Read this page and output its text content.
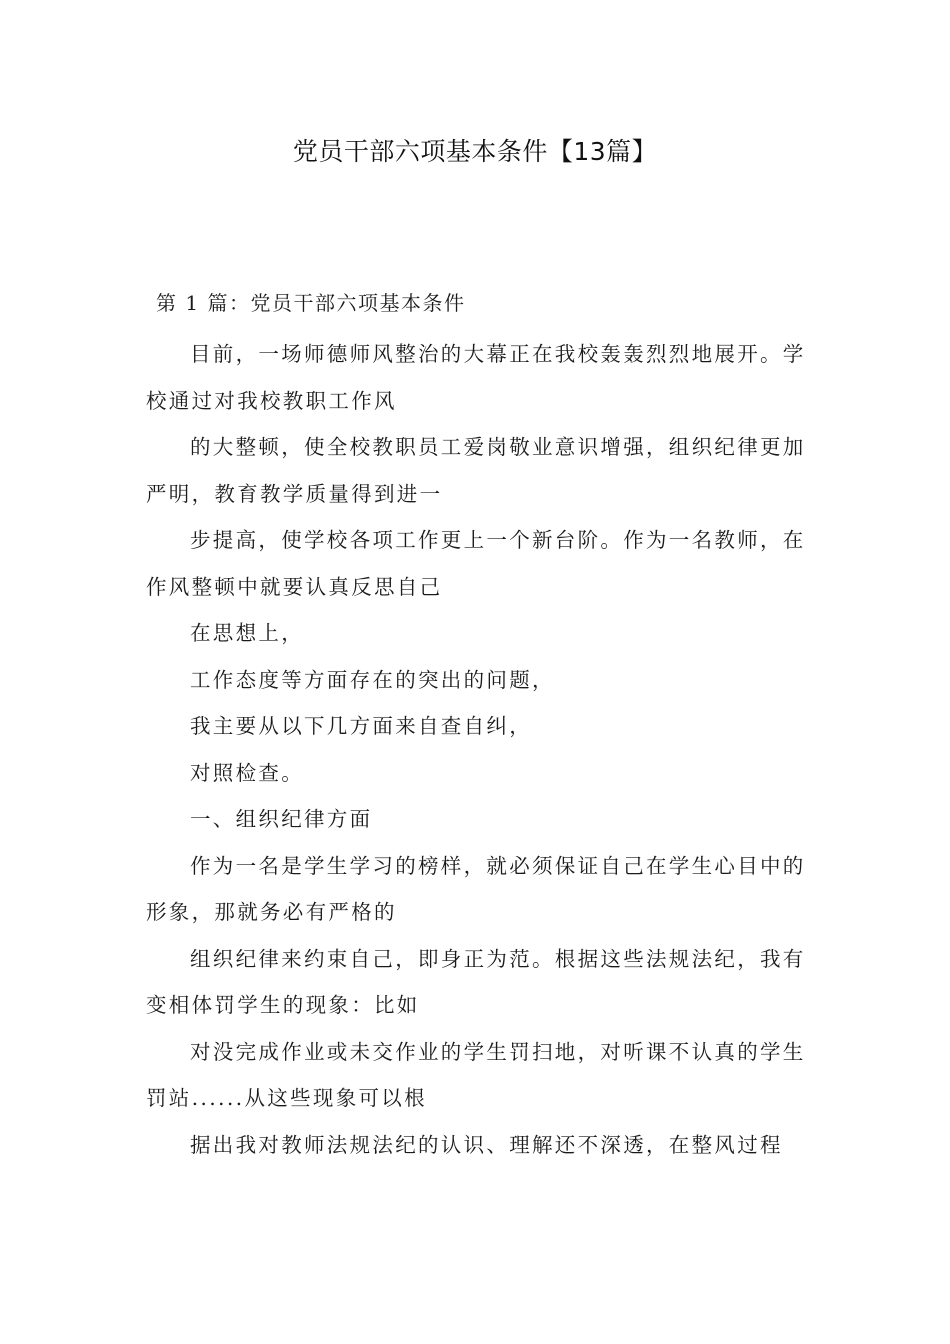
党员干部六项基本条件【13篇】
第 1 篇：党员干部六项基本条件
目前，一场师德师风整治的大幕正在我校轰轰烈烈地展开。学
校通过对我校教职工作风
的大整顿，使全校教职员工爱岗敬业意识增强，组织纪律更加
严明，教育教学质量得到进一
步提高，使学校各项工作更上一个新台阶。作为一名教师，在
作风整顿中就要认真反思自己
在思想上，
工作态度等方面存在的突出的问题，
我主要从以下几方面来自查自纠，
对照检查。
一、组织纪律方面
作为一名是学生学习的榜样，就必须保证自己在学生心目中的
形象，那就务必有严格的
组织纪律来约束自己，即身正为范。根据这些法规法纪，我有
变相体罚学生的现象：比如
对没完成作业或未交作业的学生罚扫地，对听课不认真的学生
罚站......从这些现象可以根
据出我对教师法规法纪的认识、理解还不深透，在整风过程
